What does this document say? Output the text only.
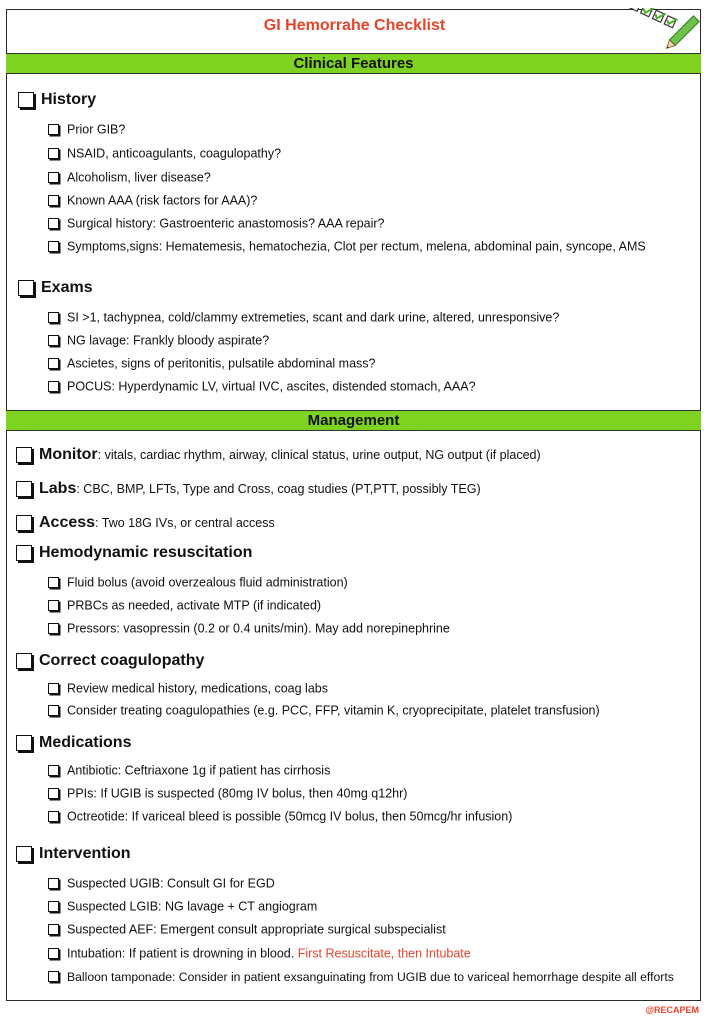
GI Hemorrahe Checklist
Clinical Features
History
Prior GIB?
NSAID, anticoagulants, coagulopathy?
Alcoholism, liver disease?
Known AAA (risk factors for AAA)?
Surgical history: Gastroenteric anastomosis? AAA repair?
Symptoms,signs: Hematemesis, hematochezia, Clot per rectum, melena, abdominal pain, syncope, AMS
Exams
SI >1, tachypnea, cold/clammy extremeties, scant and dark urine, altered, unresponsive?
NG lavage: Frankly bloody aspirate?
Ascietes, signs of peritonitis, pulsatile abdominal mass?
POCUS: Hyperdynamic LV, virtual IVC, ascites, distended stomach, AAA?
Management
Monitor: vitals, cardiac rhythm, airway, clinical status, urine output, NG output (if placed)
Labs: CBC, BMP, LFTs, Type and Cross, coag studies (PT,PTT, possibly TEG)
Access: Two 18G IVs, or central access
Hemodynamic resuscitation
Fluid bolus (avoid overzealous fluid administration)
PRBCs as needed, activate MTP (if indicated)
Pressors: vasopressin (0.2 or 0.4 units/min). May add norepinephrine
Correct coagulopathy
Review medical history, medications, coag labs
Consider treating coagulopathies (e.g. PCC, FFP, vitamin K, cryoprecipitate, platelet transfusion)
Medications
Antibiotic: Ceftriaxone 1g if patient has cirrhosis
PPIs: If UGIB is suspected (80mg IV bolus, then 40mg q12hr)
Octreotide: If variceal bleed is possible (50mcg IV bolus, then 50mcg/hr infusion)
Intervention
Suspected UGIB: Consult GI for EGD
Suspected LGIB: NG lavage + CT angiogram
Suspected AEF: Emergent consult appropriate surgical subspecialist
Intubation: If patient is drowning in blood. First Resuscitate, then Intubate
Balloon tamponade: Consider in patient exsanguinating from UGIB due to variceal hemorrhage despite all efforts
@RECAPEM
